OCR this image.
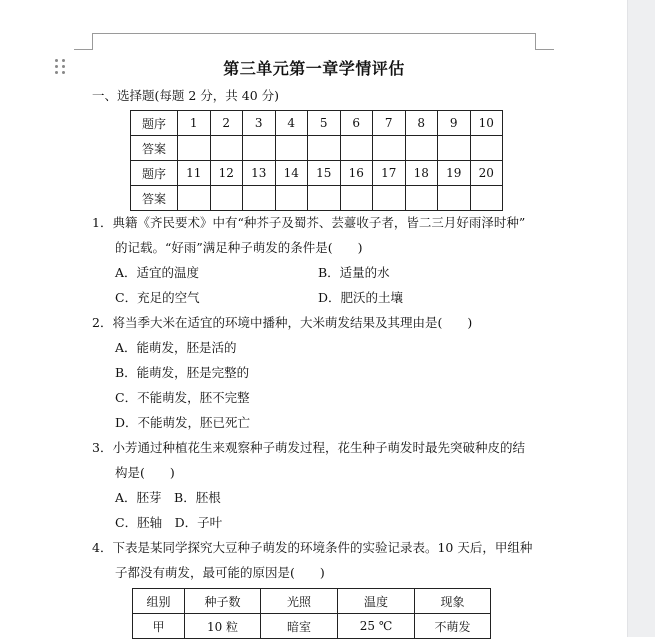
第三单元第一章学情评估
一、选择题(每题 2 分，共 40 分)
题序	1	2	3	4	5	6	7	8	9	10
答案										
题序	11	12	13	14	15	16	17	18	19	20
答案										
1．典籍《齐民要术》中有“种芥子及蜀芥、芸薹收子者，皆二三月好雨泽时种”
的记载。“好雨”满足种子萌发的条件是(　　)
A．适宜的温度	B．适量的水
C．充足的空气	D．肥沃的土壤
2．将当季大米在适宜的环境中播种，大米萌发结果及其理由是(　　)
A．能萌发，胚是活的
B．能萌发，胚是完整的
C．不能萌发，胚不完整
D．不能萌发，胚已死亡
3．小芳通过种植花生来观察种子萌发过程，花生种子萌发时最先突破种皮的结
构是(　　)
A．胚芽　B．胚根
C．胚轴　D．子叶
4．下表是某同学探究大豆种子萌发的环境条件的实验记录表。10 天后，甲组种
子都没有萌发，最可能的原因是(　　)
组别	种子数	光照	温度	现象
甲	10 粒	暗室	25 ℃	不萌发
